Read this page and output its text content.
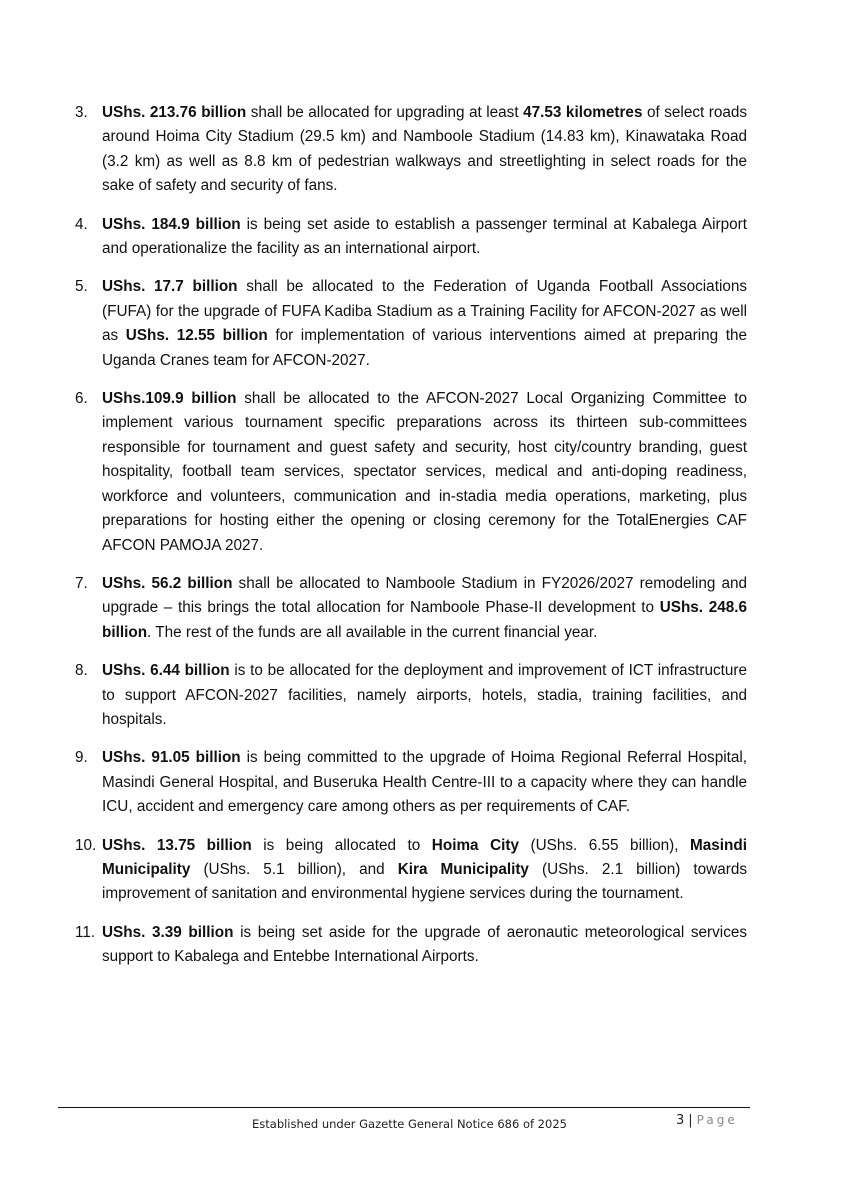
3. UShs. 213.76 billion shall be allocated for upgrading at least 47.53 kilometres of select roads around Hoima City Stadium (29.5 km) and Namboole Stadium (14.83 km), Kinawataka Road (3.2 km) as well as 8.8 km of pedestrian walkways and streetlighting in select roads for the sake of safety and security of fans.
4. UShs. 184.9 billion is being set aside to establish a passenger terminal at Kabalega Airport and operationalize the facility as an international airport.
5. UShs. 17.7 billion shall be allocated to the Federation of Uganda Football Associations (FUFA) for the upgrade of FUFA Kadiba Stadium as a Training Facility for AFCON-2027 as well as UShs. 12.55 billion for implementation of various interventions aimed at preparing the Uganda Cranes team for AFCON-2027.
6. UShs.109.9 billion shall be allocated to the AFCON-2027 Local Organizing Committee to implement various tournament specific preparations across its thirteen sub-committees responsible for tournament and guest safety and security, host city/country branding, guest hospitality, football team services, spectator services, medical and anti-doping readiness, workforce and volunteers, communication and in-stadia media operations, marketing, plus preparations for hosting either the opening or closing ceremony for the TotalEnergies CAF AFCON PAMOJA 2027.
7. UShs. 56.2 billion shall be allocated to Namboole Stadium in FY2026/2027 remodeling and upgrade – this brings the total allocation for Namboole Phase-II development to UShs. 248.6 billion. The rest of the funds are all available in the current financial year.
8. UShs. 6.44 billion is to be allocated for the deployment and improvement of ICT infrastructure to support AFCON-2027 facilities, namely airports, hotels, stadia, training facilities, and hospitals.
9. UShs. 91.05 billion is being committed to the upgrade of Hoima Regional Referral Hospital, Masindi General Hospital, and Buseruka Health Centre-III to a capacity where they can handle ICU, accident and emergency care among others as per requirements of CAF.
10. UShs. 13.75 billion is being allocated to Hoima City (UShs. 6.55 billion), Masindi Municipality (UShs. 5.1 billion), and Kira Municipality (UShs. 2.1 billion) towards improvement of sanitation and environmental hygiene services during the tournament.
11. UShs. 3.39 billion is being set aside for the upgrade of aeronautic meteorological services support to Kabalega and Entebbe International Airports.
Established under Gazette General Notice 686 of 2025	3 | Page
